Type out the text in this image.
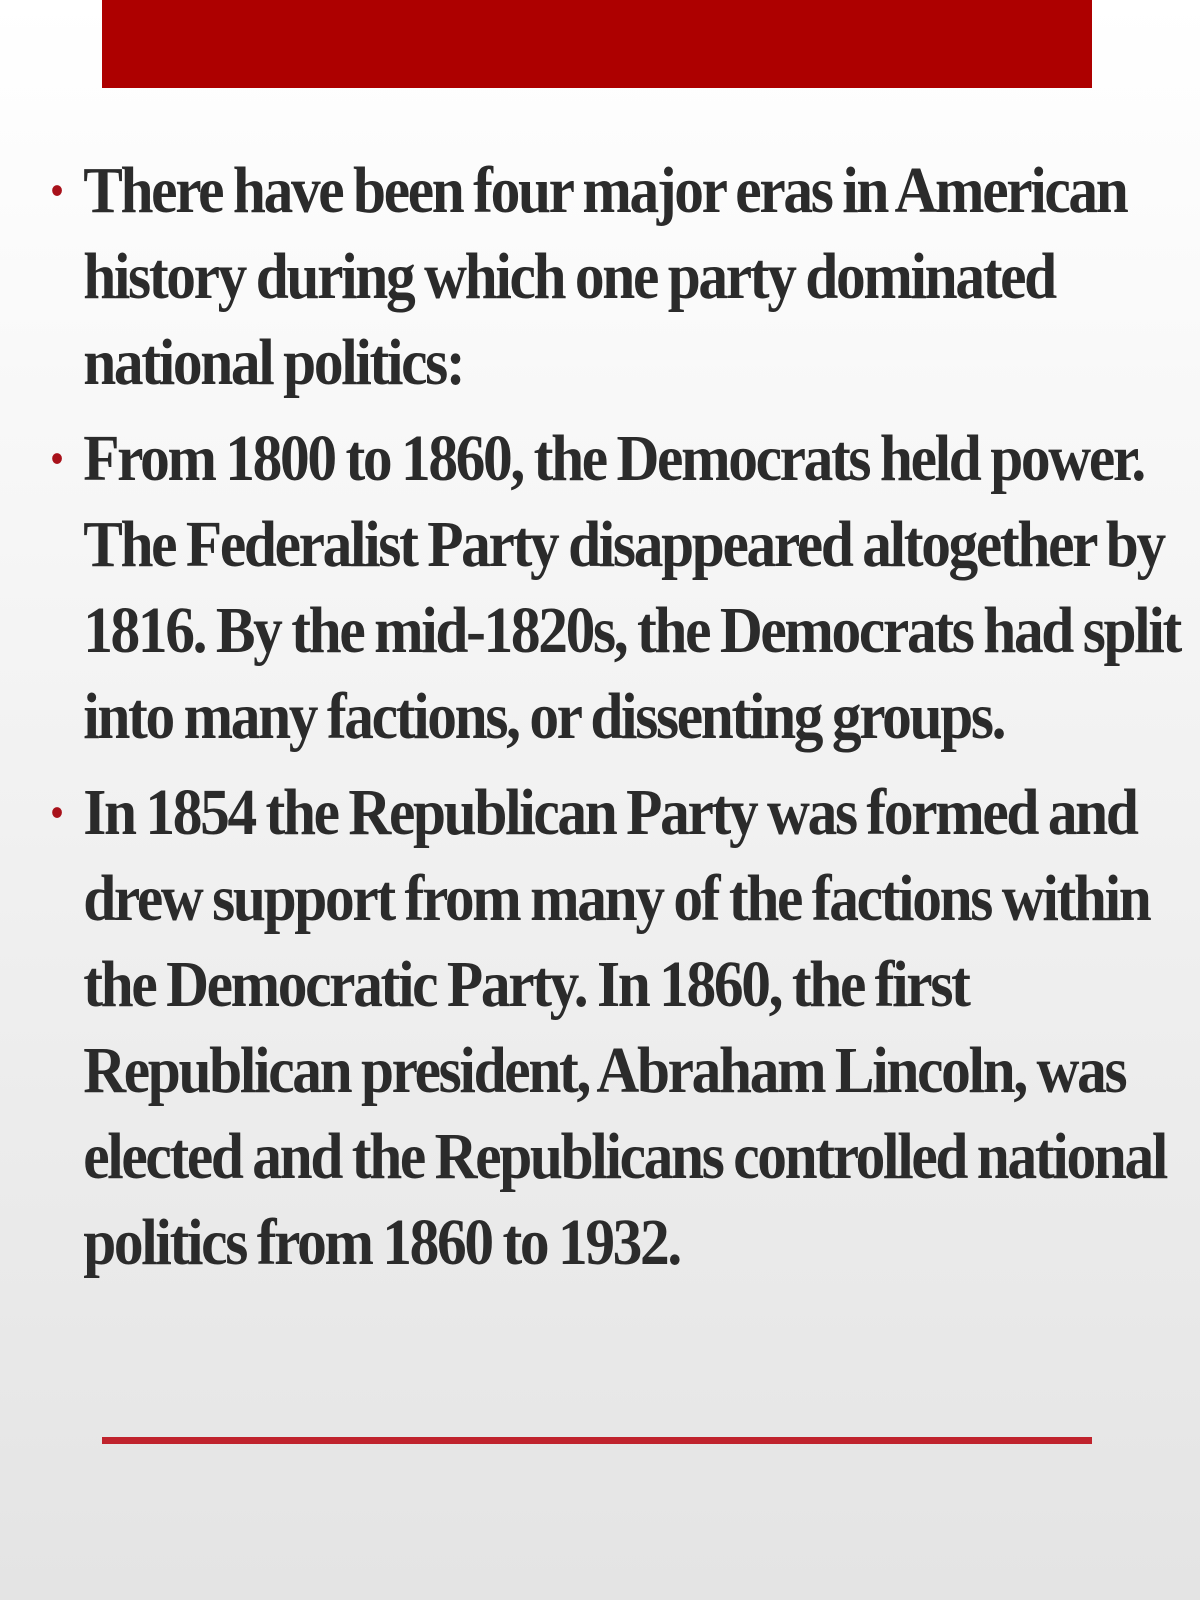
• There have been four major eras in American history during which one party dominated national politics:
• From 1800 to 1860, the Democrats held power. The Federalist Party disappeared altogether by 1816. By the mid-1820s, the Democrats had split into many factions, or dissenting groups.
• In 1854 the Republican Party was formed and drew support from many of the factions within the Democratic Party. In 1860, the first Republican president, Abraham Lincoln, was elected and the Republicans controlled national politics from 1860 to 1932.
